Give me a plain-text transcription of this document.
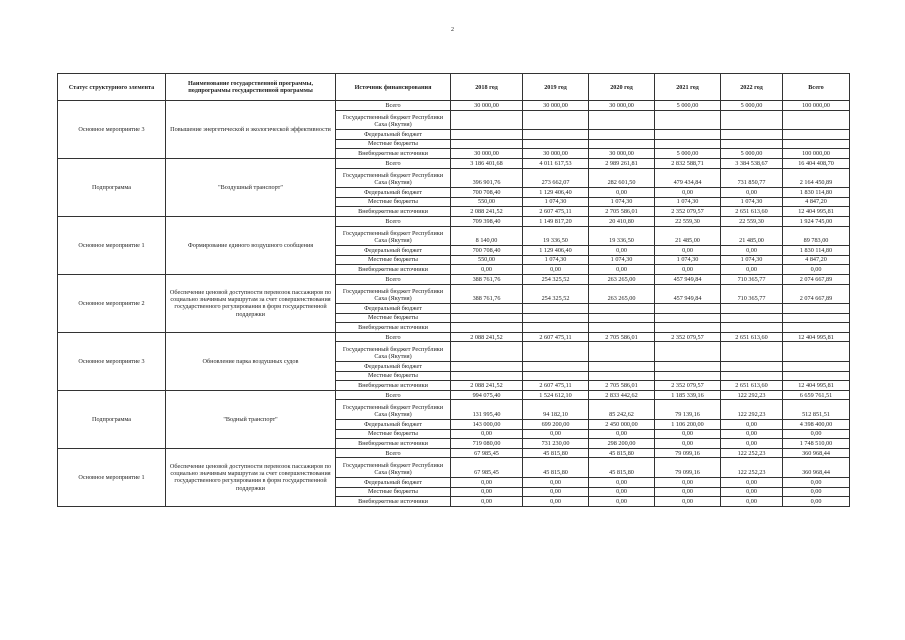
2
Статус структурного элемента	Наименование государственной программы, подпрограммы государственной программы	Источник финансирования	2018 год	2019 год	2020 год	2021 год	2022 год	Всего
Основное мероприятие 3	Повышение энергетической и экологической эффективности	Всего	30 000,00	30 000,00	30 000,00	5 000,00	5 000,00	100 000,00
		Государственный бюджет Республики Саха (Якутия)						
		Федеральный бюджет						
		Местные бюджеты						
		Внебюджетные источники	30 000,00	30 000,00	30 000,00	5 000,00	5 000,00	100 000,00
Подпрограмма	"Воздушный транспорт"	Всего	3 186 401,68	4 011 617,53	2 989 261,81	2 832 588,71	3 384 538,67	16 404 408,70
		Государственный бюджет Республики Саха (Якутия)	396 901,76	273 662,07	282 601,50	479 434,84	731 850,77	2 164 450,89
		Федеральный бюджет	700 708,40	1 129 406,40	0,00	0,00	0,00	1 830 114,80
		Местные бюджеты	550,00	1 074,30	1 074,30	1 074,30	1 074,30	4 847,20
		Внебюджетные источники	2 088 241,52	2 607 475,11	2 705 586,01	2 352 079,57	2 651 613,60	12 404 995,81
Основное мероприятие 1	Формирование единого воздушного сообщения	Всего	709 398,40	1 149 817,20	20 410,80	22 559,30	22 559,30	1 924 745,00
		Государственный бюджет Республики Саха (Якутия)	8 140,00	19 336,50	19 336,50	21 485,00	21 485,00	89 783,00
		Федеральный бюджет	700 708,40	1 129 406,40	0,00	0,00	0,00	1 830 114,80
		Местные бюджеты	550,00	1 074,30	1 074,30	1 074,30	1 074,30	4 847,20
		Внебюджетные источники	0,00	0,00	0,00	0,00	0,00	0,00
Основное мероприятие 2	Обеспечение ценовой доступности перевозок пассажиров по социально значимым маршрутам за счет совершенствования государственного регулирования в форм государственной поддержки	Всего	388 761,76	254 325,52	263 265,00	457 949,84	710 365,77	2 074 667,89
		Государственный бюджет Республики Саха (Якутия)	388 761,76	254 325,52	263 265,00	457 949,84	710 365,77	2 074 667,89
		Федеральный бюджет						
		Местные бюджеты						
		Внебюджетные источники						
Основное мероприятие 3	Обновление парка воздушных судов	Всего	2 088 241,52	2 607 475,11	2 705 586,01	2 352 079,57	2 651 613,60	12 404 995,81
		Государственный бюджет Республики Саха (Якутия)						
		Федеральный бюджет						
		Местные бюджеты						
		Внебюджетные источники	2 088 241,52	2 607 475,11	2 705 586,01	2 352 079,57	2 651 613,60	12 404 995,81
Подпрограмма	"Водный транспорт"	Всего	994 075,40	1 524 612,10	2 833 442,62	1 185 339,16	122 292,23	6 659 761,51
		Государственный бюджет Республики Саха (Якутия)	131 995,40	94 182,10	85 242,62	79 139,16	122 292,23	512 851,51
		Федеральный бюджет	143 000,00	699 200,00	2 450 000,00	1 106 200,00	0,00	4 398 400,00
		Местные бюджеты	0,00	0,00	0,00	0,00	0,00	0,00
		Внебюджетные источники	719 080,00	731 230,00	298 200,00	0,00	0,00	1 748 510,00
Основное мероприятие 1	Обеспечение ценовой доступности перевозок пассажиров по социально значимым маршрутам за счет совершенствования государственного регулирования в форм государственной поддержки	Всего	67 985,45	45 815,80	45 815,80	79 099,16	122 252,23	360 968,44
		Государственный бюджет Республики Саха (Якутия)	67 985,45	45 815,80	45 815,80	79 099,16	122 252,23	360 968,44
		Федеральный бюджет	0,00	0,00	0,00	0,00	0,00	0,00
		Местные бюджеты	0,00	0,00	0,00	0,00	0,00	0,00
		Внебюджетные источники	0,00	0,00	0,00	0,00	0,00	0,00
